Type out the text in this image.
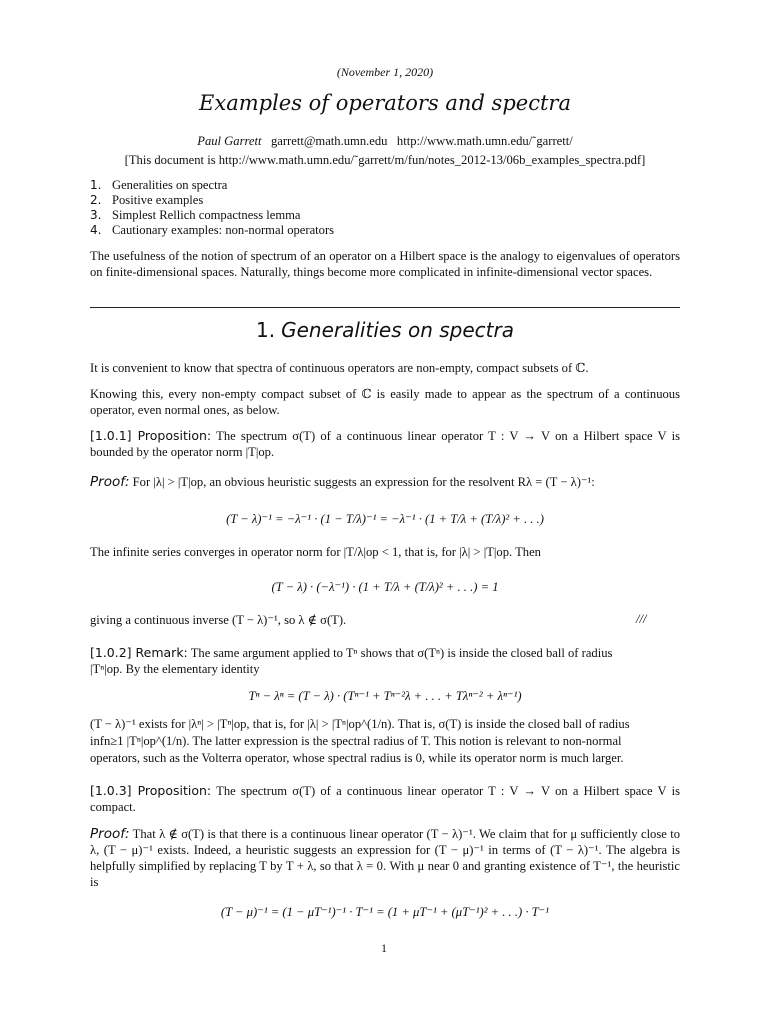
(November 1, 2020)
Examples of operators and spectra
Paul Garrett garrett@math.umn.edu http://www.math.umn.edu/˜garrett/
[This document is http://www.math.umn.edu/˜garrett/m/fun/notes_2012-13/06b_examples_spectra.pdf]
1. Generalities on spectra
2. Positive examples
3. Simplest Rellich compactness lemma
4. Cautionary examples: non-normal operators
The usefulness of the notion of spectrum of an operator on a Hilbert space is the analogy to eigenvalues of operators on finite-dimensional spaces. Naturally, things become more complicated in infinite-dimensional vector spaces.
1. Generalities on spectra
It is convenient to know that spectra of continuous operators are non-empty, compact subsets of ℂ.
Knowing this, every non-empty compact subset of ℂ is easily made to appear as the spectrum of a continuous operator, even normal ones, as below.
[1.0.1] Proposition: The spectrum σ(T) of a continuous linear operator T : V → V on a Hilbert space V is bounded by the operator norm |T|op.
Proof: For |λ| > |T|op, an obvious heuristic suggests an expression for the resolvent Rλ = (T − λ)⁻¹:
(T − λ)⁻¹ = −λ⁻¹ · (1 − T/λ)⁻¹ = −λ⁻¹ · (1 + T/λ + (T/λ)² + . . .)
The infinite series converges in operator norm for |T/λ|op < 1, that is, for |λ| > |T|op. Then
(T − λ) · (−λ⁻¹) · (1 + T/λ + (T/λ)² + . . .) = 1
giving a continuous inverse (T − λ)⁻¹, so λ ∉ σ(T).	///
[1.0.2] Remark: The same argument applied to Tⁿ shows that σ(Tⁿ) is inside the closed ball of radius
|Tⁿ|op. By the elementary identity
Tⁿ − λⁿ = (T − λ) · (Tⁿ⁻¹ + Tⁿ⁻²λ + . . . + Tλⁿ⁻² + λⁿ⁻¹)
(T − λ)⁻¹ exists for |λⁿ| > |Tⁿ|op, that is, for |λ| > |Tⁿ|op^(1/n). That is, σ(T) is inside the closed ball of radius
infn≥1 |Tⁿ|op^(1/n). The latter expression is the spectral radius of T. This notion is relevant to non-normal
operators, such as the Volterra operator, whose spectral radius is 0, while its operator norm is much larger.
[1.0.3] Proposition: The spectrum σ(T) of a continuous linear operator T : V → V on a Hilbert space V is compact.
Proof: That λ ∉ σ(T) is that there is a continuous linear operator (T − λ)⁻¹. We claim that for μ sufficiently close to λ, (T − μ)⁻¹ exists. Indeed, a heuristic suggests an expression for (T − μ)⁻¹ in terms of (T − λ)⁻¹. The algebra is helpfully simplified by replacing T by T + λ, so that λ = 0. With μ near 0 and granting existence of T⁻¹, the heuristic is
(T − μ)⁻¹ = (1 − μT⁻¹)⁻¹ · T⁻¹ = (1 + μT⁻¹ + (μT⁻¹)² + . . .) · T⁻¹
1
